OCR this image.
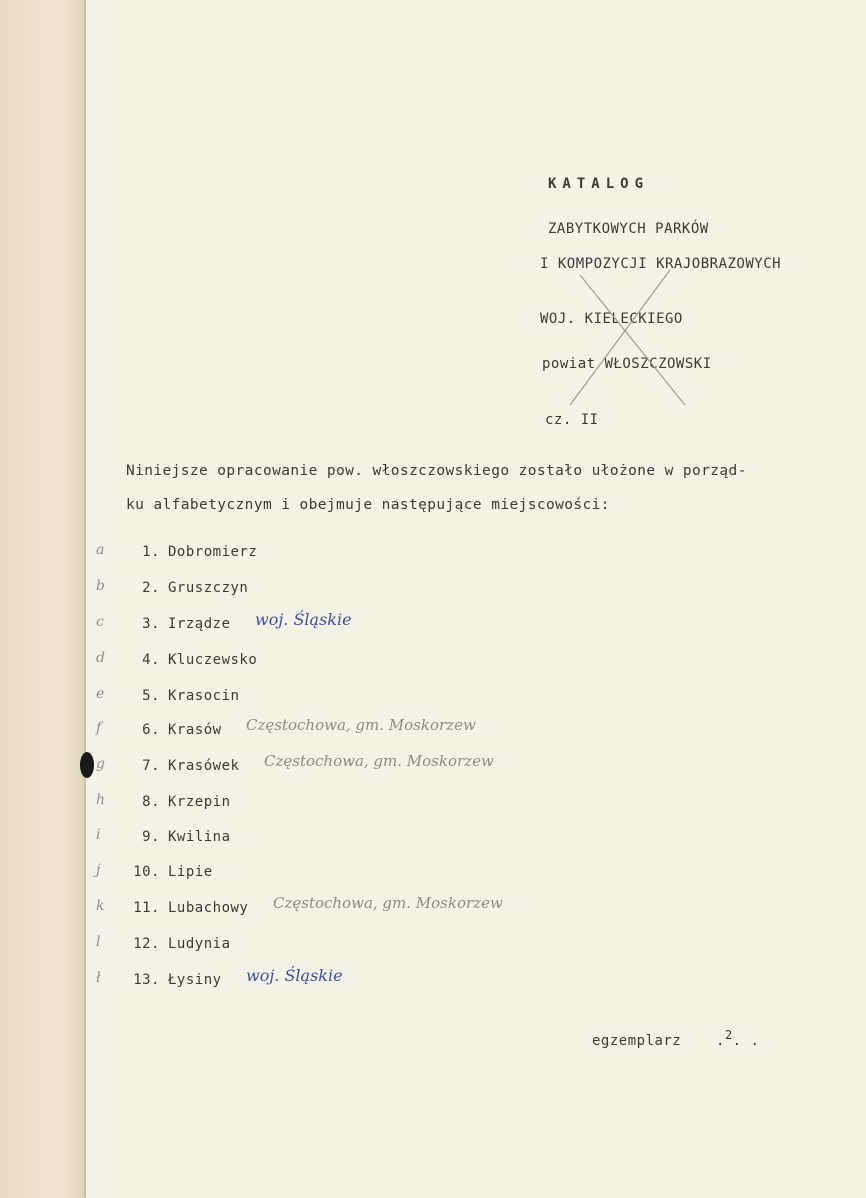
KATALOG
ZABYTKOWYCH PARKÓW
I KOMPOZYCJI KRAJOBRAZOWYCH
WOJ. KIELECKIEGO
powiat WŁOSZCZOWSKI
cz. II
Niniejsze opracowanie pow. włoszczowskiego zostało ułożone w porząd-
ku alfabetycznym i obejmuje następujące miejscowości:
a	1. Dobromierz
b	2. Gruszczyn
c	3. Irządze woj. Śląskie
d	4. Kluczewsko
e	5. Krasocin
f	6. Krasów Częstochowa, gm. Moskorzew
g	7. Krasówek Częstochowa, gm. Moskorzew
h	8. Krzepin
i	9. Kwilina
j 10. Lipie
k 11. Lubachowy Częstochowa, gm. Moskorzew
l 12. Ludynia
ł 13. Łysiny woj. Śląskie
egzemplarz .2. .
